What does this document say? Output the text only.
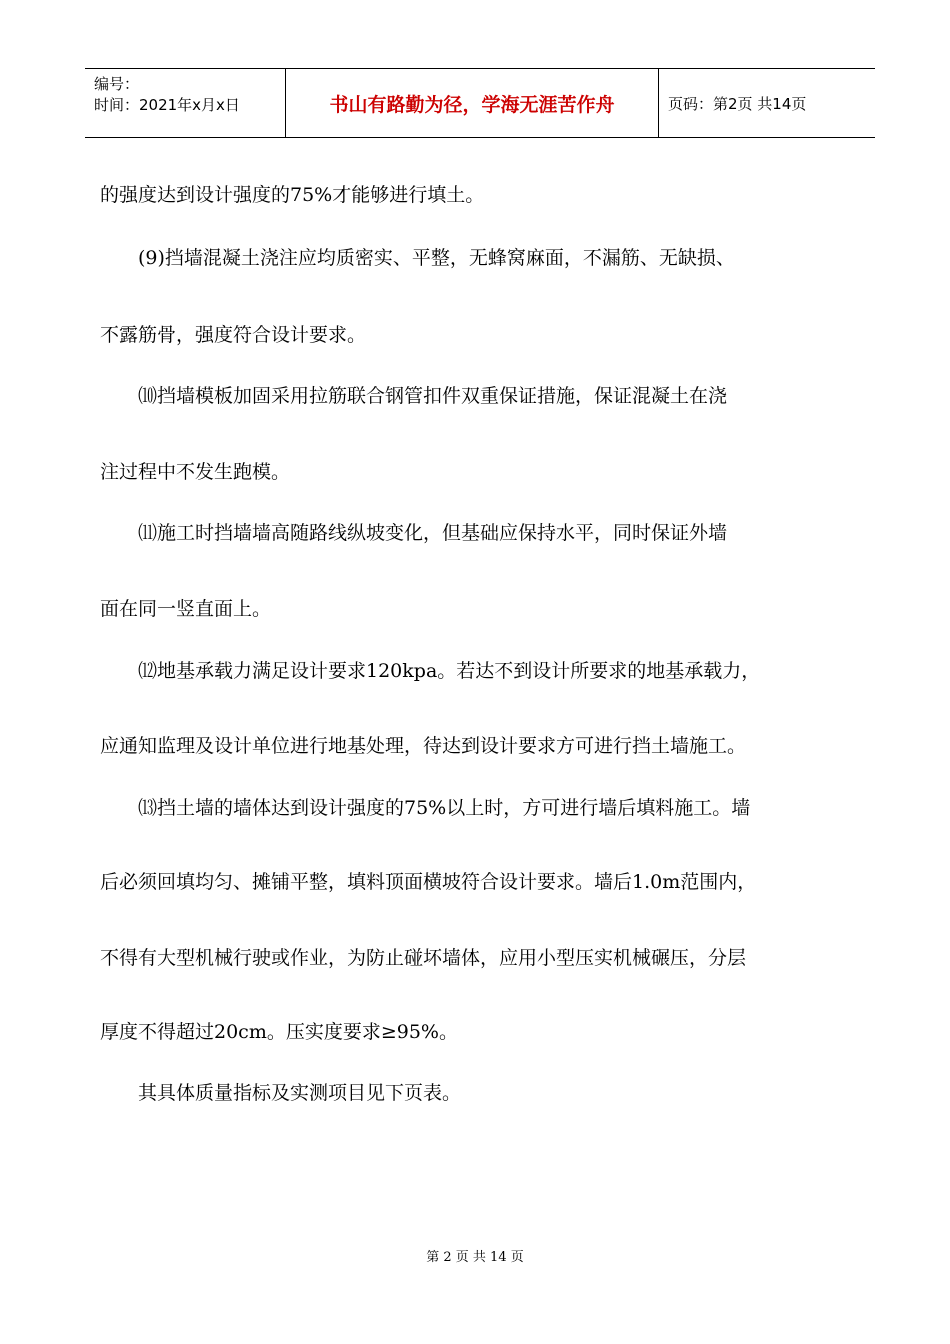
编号：
时间：2021年x月x日	书山有路勤为径，学海无涯苦作舟	页码：第2页 共14页
的强度达到设计强度的75%才能够进行填土。
(9)挡墙混凝土浇注应均质密实、平整，无蜂窝麻面，不漏筋、无缺损、
不露筋骨，强度符合设计要求。
⑽挡墙模板加固采用拉筋联合钢管扣件双重保证措施，保证混凝土在浇
注过程中不发生跑模。
⑾施工时挡墙墙高随路线纵坡变化，但基础应保持水平，同时保证外墙
面在同一竖直面上。
⑿地基承载力满足设计要求120kpa。若达不到设计所要求的地基承载力，
应通知监理及设计单位进行地基处理，待达到设计要求方可进行挡土墙施工。
⒀挡土墙的墙体达到设计强度的75%以上时，方可进行墙后填料施工。墙
后必须回填均匀、摊铺平整，填料顶面横坡符合设计要求。墙后1.0m范围内，
不得有大型机械行驶或作业，为防止碰坏墙体，应用小型压实机械碾压，分层
厚度不得超过20cm。压实度要求≥95%。
其具体质量指标及实测项目见下页表。
第 2 页 共 14 页
